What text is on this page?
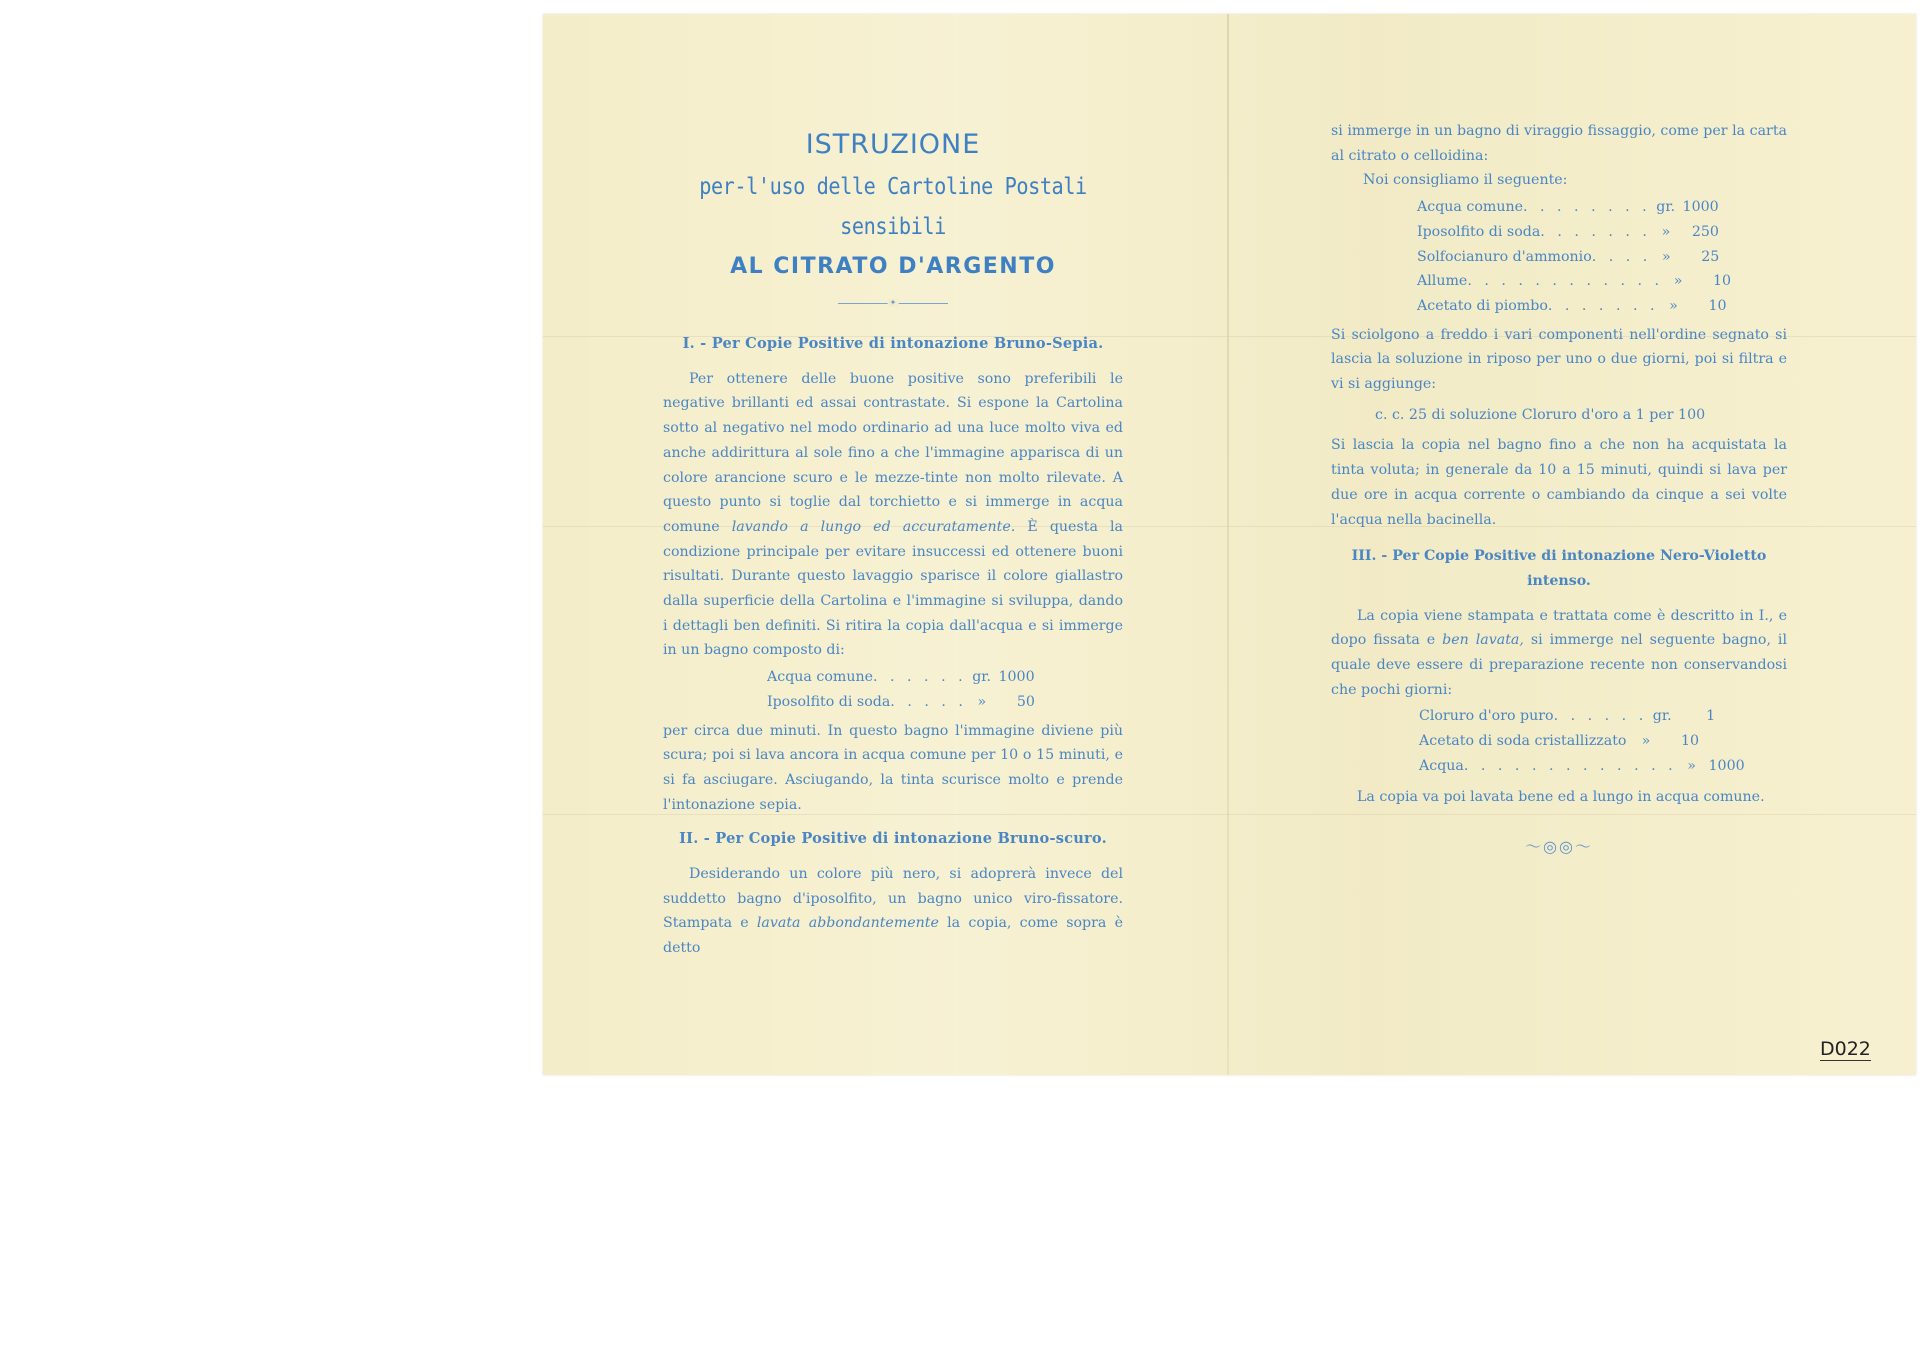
ISTRUZIONE
per-l'uso delle Cartoline Postali sensibili
AL CITRATO D'ARGENTO
✦
I. - Per Copie Positive di intonazione Bruno-Sepia.

Per ottenere delle buone positive sono preferibili le negative brillanti ed assai contrastate. Si espone la Cartolina sotto al negativo nel modo ordinario ad una luce molto viva ed anche addirittura al sole fino a che l'immagine apparisca di un colore arancione scuro e le mezze-tinte non molto rilevate. A questo punto si toglie dal torchietto e si immerge in acqua comune lavando a lungo ed accuratamente. È questa la condizione principale per evitare insuccessi ed ottenere buoni risultati. Durante questo lavaggio sparisce il colore giallastro dalla superficie della Cartolina e l'immagine si sviluppa, dando i dettagli ben definiti. Si ritira la copia dall'acqua e si immerge in un bagno composto di:

Acqua comune . . . . . . gr. 1000
Iposolfito di soda . . . . . »	50

per circa due minuti. In questo bagno l'immagine diviene più scura; poi si lava ancora in acqua comune per 10 o 15 minuti, e si fa asciugare. Asciugando, la tinta scurisce molto e prende l'intonazione sepia.

II. - Per Copie Positive di intonazione Bruno-scuro.

Desiderando un colore più nero, si adoprerà invece del suddetto bagno d'iposolfito, un bagno unico viro-fissatore. Stampata e lavata abbondantemente la copia, come sopra è detto

si immerge in un bagno di viraggio fissaggio, come per la carta al citrato o celloidina:

Noi consigliamo il seguente:

Acqua comune . . . . . . . . gr. 1000
Iposolfito di soda . . . . . . . »	250
Solfocianuro d'ammonio . . . . »	25
Allume . . . . . . . . . . . . »	10
Acetato di piombo . . . . . . . »	10

Si sciolgono a freddo i vari componenti nell'ordine segnato si lascia la soluzione in riposo per uno o due giorni, poi si filtra e vi si aggiunge:

c. c. 25 di soluzione Cloruro d'oro a 1 per 100

Si lascia la copia nel bagno fino a che non ha acquistata la tinta voluta; in generale da 10 a 15 minuti, quindi si lava per due ore in acqua corrente o cambiando da cinque a sei volte l'acqua nella bacinella.

III. - Per Copie Positive di intonazione Nero-Violetto intenso.

La copia viene stampata e trattata come è descritto in I., e dopo fissata e ben lavata, si immerge nel seguente bagno, il quale deve essere di preparazione recente non conservandosi che pochi giorni:

Cloruro d'oro puro . . . . . . gr.	1
Acetato di soda cristallizzato	»	10
Acqua . . . . . . . . . . . . . » 1000

La copia va poi lavata bene ed a lungo in acqua comune.

〜◎◎〜
D022
